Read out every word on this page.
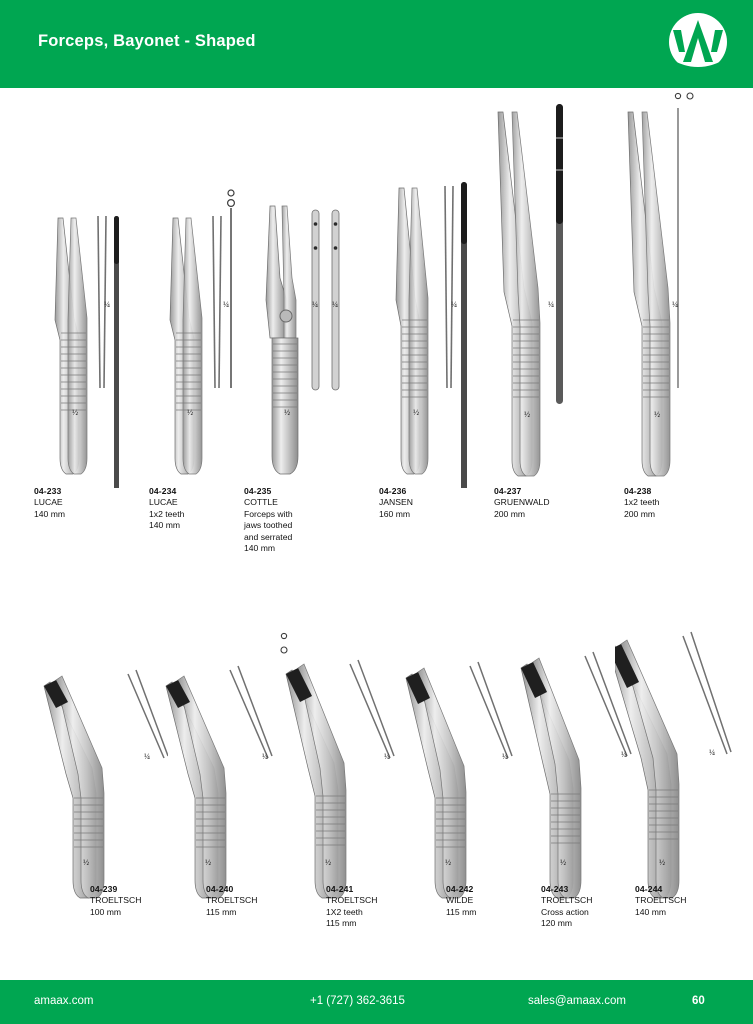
Forceps, Bayonet - Shaped
½
¼
04-233
LUCAE
140 mm
½
¼
04-234
LUCAE
1x2 teeth
140 mm
½
¼ ¼
04-235
COTTLE
Forceps with
jaws toothed
and serrated
140 mm
½
¼
04-236
JANSEN
160 mm
½
¼
04-237
GRUENWALD
200 mm
½
¼
04-238
1x2 teeth
200 mm
½
¼
04-239
TROELTSCH
100 mm
½
¼
04-240
TROELTSCH
115 mm
½
¼
04-241
TROELTSCH
1X2 teeth
115 mm
½
¼
04-242
WILDE
115 mm
½
¼
04-243
TROELTSCH
Cross action
120 mm
½
¼
04-244
TROELTSCH
140 mm
amaax.com	+1 (727) 362-3615	sales@amaax.com	60
